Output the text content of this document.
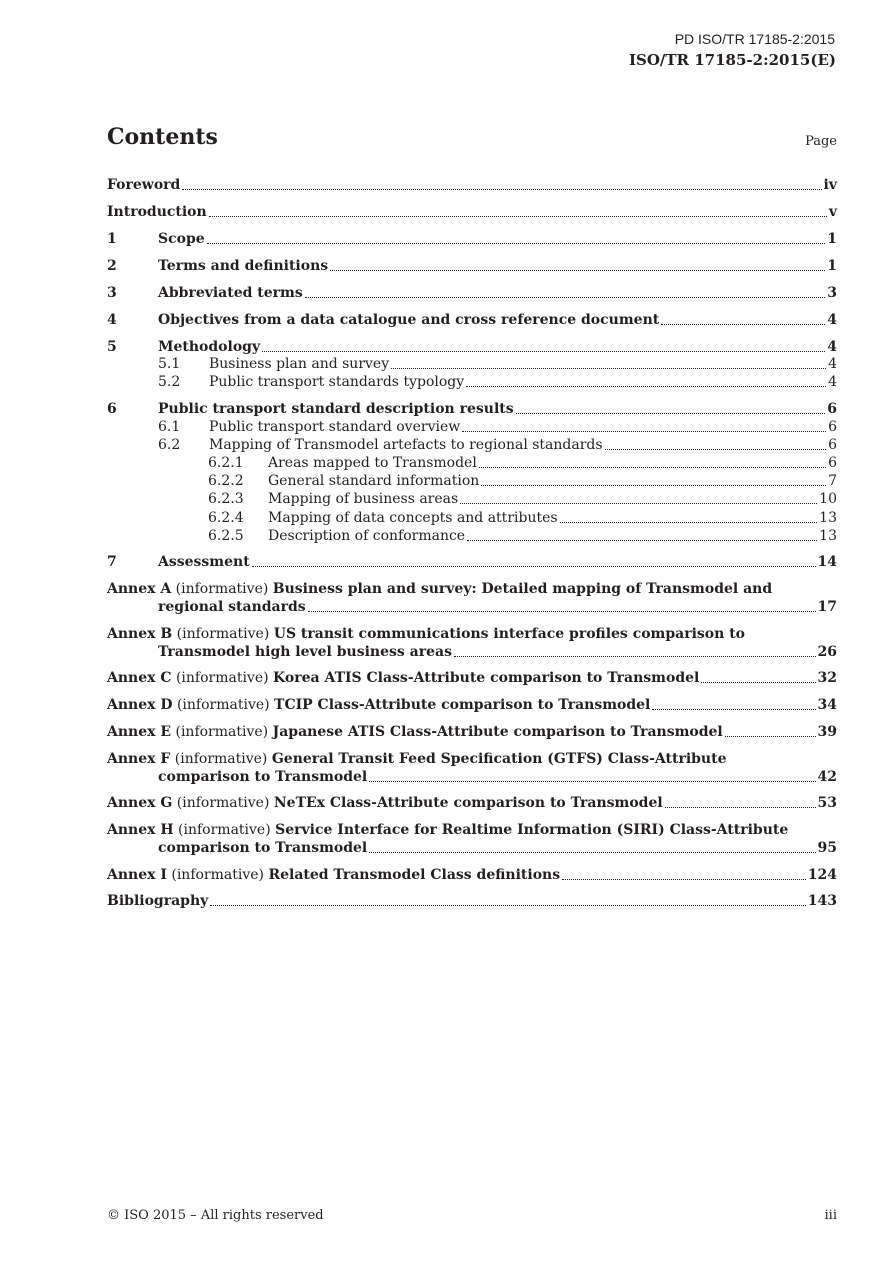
PD ISO/TR 17185-2:2015
ISO/TR 17185-2:2015(E)
Contents	Page
Foreword	iv
Introduction	v
1	Scope	1
2	Terms and definitions	1
3	Abbreviated terms	3
4	Objectives from a data catalogue and cross reference document	4
5	Methodology	4
5.1 Business plan and survey	4
5.2 Public transport standards typology	4
6	Public transport standard description results	6
6.1 Public transport standard overview	6
6.2 Mapping of Transmodel artefacts to regional standards	6
6.2.1 Areas mapped to Transmodel	6
6.2.2 General standard information	7
6.2.3 Mapping of business areas	10
6.2.4 Mapping of data concepts and attributes	13
6.2.5 Description of conformance	13
7	Assessment	14
Annex A (informative) Business plan and survey: Detailed mapping of Transmodel and
regional standards	17
Annex B (informative) US transit communications interface profiles comparison to
Transmodel high level business areas	26
Annex C (informative) Korea ATIS Class-Attribute comparison to Transmodel	32
Annex D (informative) TCIP Class-Attribute comparison to Transmodel	34
Annex E (informative) Japanese ATIS Class-Attribute comparison to Transmodel	39
Annex F (informative) General Transit Feed Specification (GTFS) Class-Attribute
comparison to Transmodel	42
Annex G (informative) NeTEx Class-Attribute comparison to Transmodel	53
Annex H (informative) Service Interface for Realtime Information (SIRI) Class-Attribute
comparison to Transmodel	95
Annex I (informative) Related Transmodel Class definitions	124
Bibliography	143
© ISO 2015 – All rights reserved	iii
